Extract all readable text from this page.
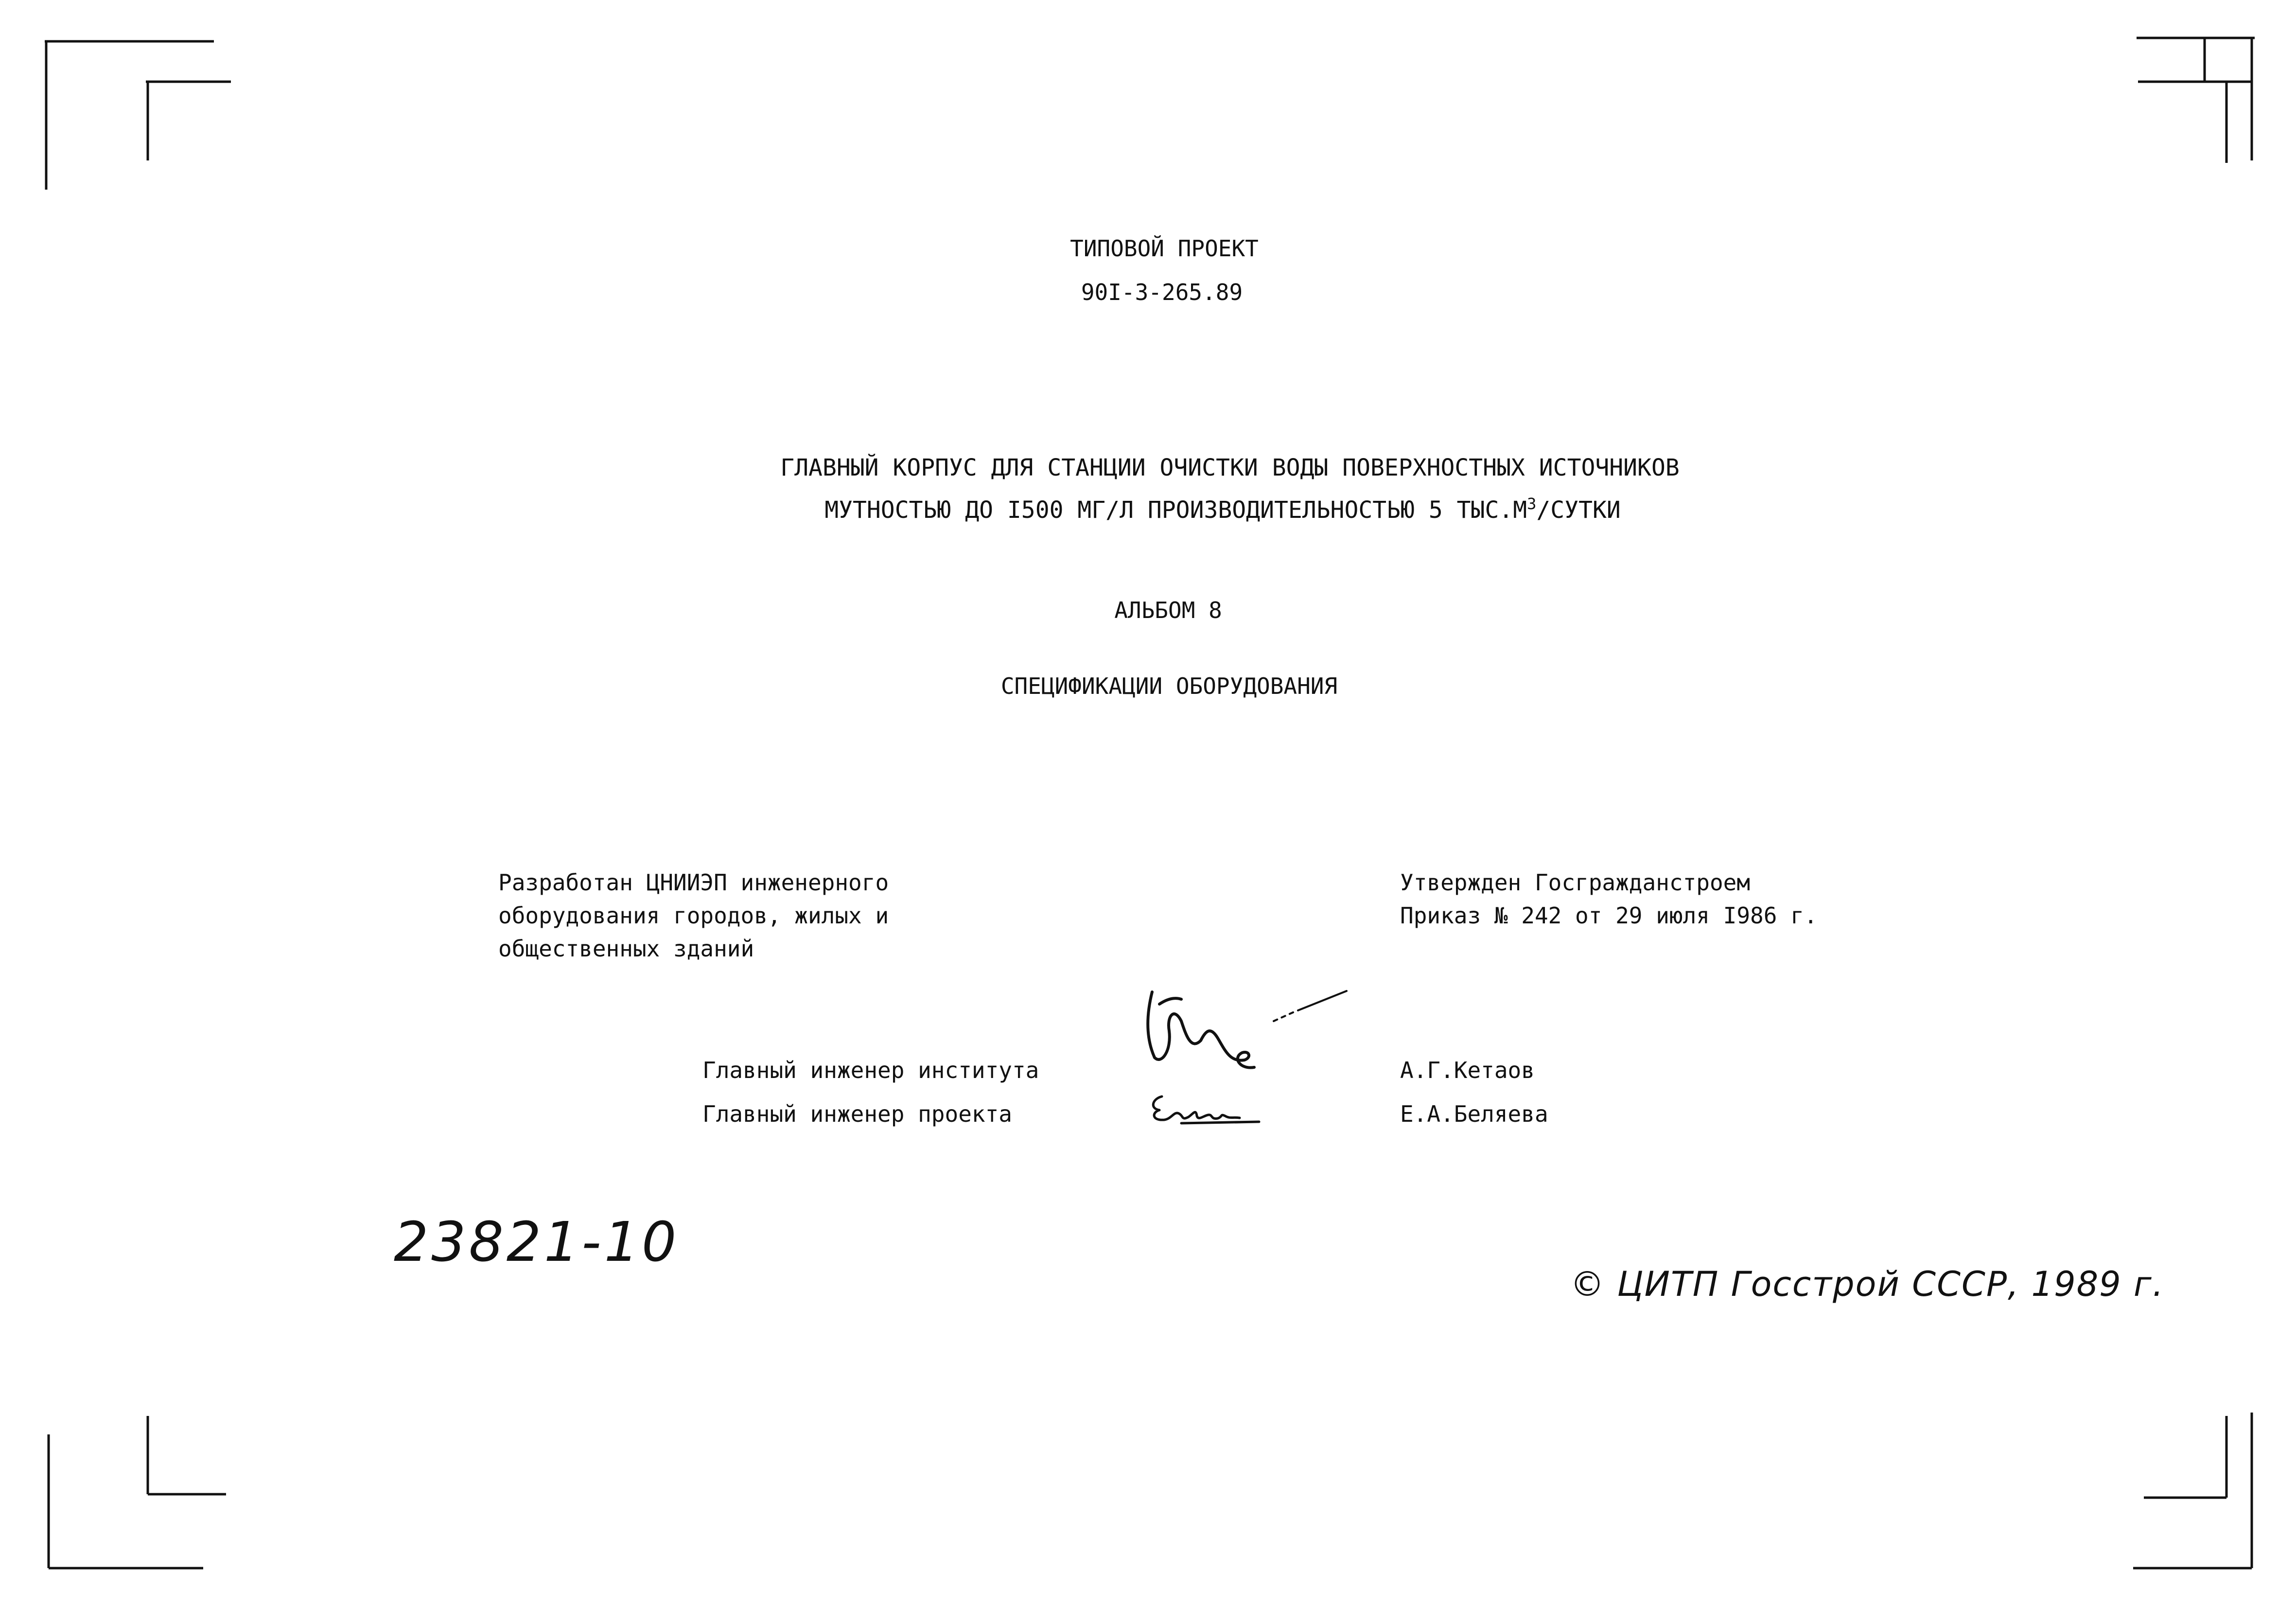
ТИПОВОЙ ПРОЕКТ
90I-3-265.89
ГЛАВНЫЙ КОРПУС ДЛЯ СТАНЦИИ ОЧИСТКИ ВОДЫ ПОВЕРХНОСТНЫХ ИСТОЧНИКОВ
МУТНОСТЬЮ ДО I500 МГ/Л ПРОИЗВОДИТЕЛЬНОСТЬЮ 5 $ТЫС.М^3$/СУТКИ
АЛЬБОМ 8
СПЕЦИФИКАЦИИ ОБОРУДОВАНИЯ
Разработан ЦНИИЭП инженерного
оборудования городов, жилых и
общественных зданий
Утвержден Госгражданстроем
Приказ № 242 от 29 июля I986 г.
Главный инженер института
Главный инженер проекта
А.Г.Кетаов
Е.А.Беляева
23821-10
© ЦИТП Госстрой СССР, 1989 г.
